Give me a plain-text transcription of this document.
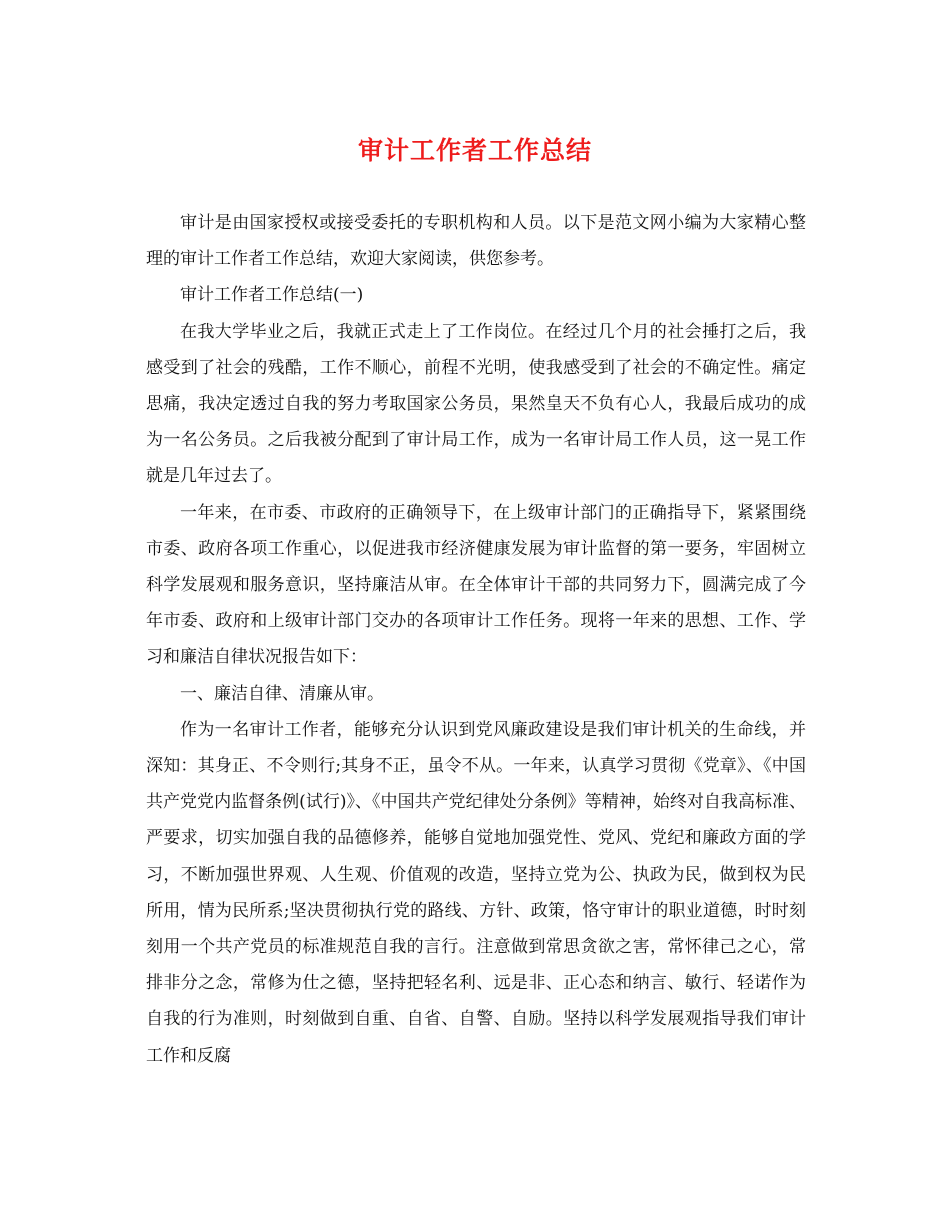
审计工作者工作总结

审计是由国家授权或接受委托的专职机构和人员。以下是范文网小编为大家精心整理的审计工作者工作总结，欢迎大家阅读，供您参考。

审计工作者工作总结(一)

在我大学毕业之后，我就正式走上了工作岗位。在经过几个月的社会捶打之后，我感受到了社会的残酷，工作不顺心，前程不光明，使我感受到了社会的不确定性。痛定思痛，我决定透过自我的努力考取国家公务员，果然皇天不负有心人，我最后成功的成为一名公务员。之后我被分配到了审计局工作，成为一名审计局工作人员，这一晃工作就是几年过去了。

一年来，在市委、市政府的正确领导下，在上级审计部门的正确指导下，紧紧围绕市委、政府各项工作重心，以促进我市经济健康发展为审计监督的第一要务，牢固树立科学发展观和服务意识，坚持廉洁从审。在全体审计干部的共同努力下，圆满完成了今年市委、政府和上级审计部门交办的各项审计工作任务。现将一年来的思想、工作、学习和廉洁自律状况报告如下：

一、廉洁自律、清廉从审。

作为一名审计工作者，能够充分认识到党风廉政建设是我们审计机关的生命线，并深知：其身正、不令则行;其身不正，虽令不从。一年来，认真学习贯彻《党章》、《中国共产党党内监督条例(试行)》、《中国共产党纪律处分条例》等精神，始终对自我高标准、严要求，切实加强自我的品德修养，能够自觉地加强党性、党风、党纪和廉政方面的学习，不断加强世界观、人生观、价值观的改造，坚持立党为公、执政为民，做到权为民所用，情为民所系;坚决贯彻执行党的路线、方针、政策，恪守审计的职业道德，时时刻刻用一个共产党员的标准规范自我的言行。注意做到常思贪欲之害，常怀律己之心，常排非分之念，常修为仕之德，坚持把轻名利、远是非、正心态和纳言、敏行、轻诺作为自我的行为准则，时刻做到自重、自省、自警、自励。坚持以科学发展观指导我们审计工作和反腐
